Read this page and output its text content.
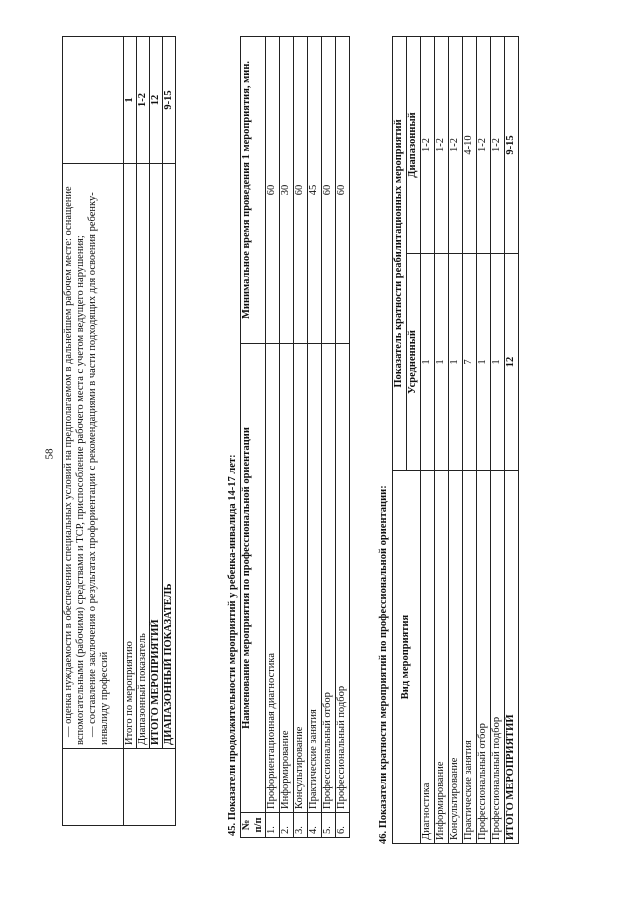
58

	— оценка нуждаемости в обеспечении специальных условий на предполагаемом в дальнейшем рабочем месте: оснащение вспомогательными (рабочими) средствами и ТСР, приспособление рабочего места с учетом ведущего нарушения; — составление заключения о результатах профориентации с рекомендациями в части подходящих для освоения ребенку-инвалиду профессий	

	Итого по мероприятию	1
	Диапазонный показатель	1-2
	ИТОГО МЕРОПРИЯТИЙ	12
	ДИАПАЗОННЫЙ ПОКАЗАТЕЛЬ	9-15
45. Показатели продолжительности мероприятий у ребенка-инвалида 14-17 лет: № п/п	Наименование мероприятия по профессиональной ориентации	Минимальное время проведения 1 мероприятия, мин.
1.	Профориентационная диагностика	60
2.	Информирование	30
3.	Консультирование	60
4.	Практические занятия	45
5.	Профессиональный отбор	60
6.	Профессиональный подбор	60
46. Показатели кратности мероприятий по профессиональной ориентации: Вид мероприятия	Показатель кратности реабилитационных мероприятий	
	Усредненный	Диапазонный
Диагностика	1	1-2
Информирование	1	1-2
Консультирование	1	1-2
Практические занятия	7	4-10
Профессиональный отбор	1	1-2
Профессиональный подбор	1	1-2
ИТОГО МЕРОПРИЯТИЙ	12	9-15
